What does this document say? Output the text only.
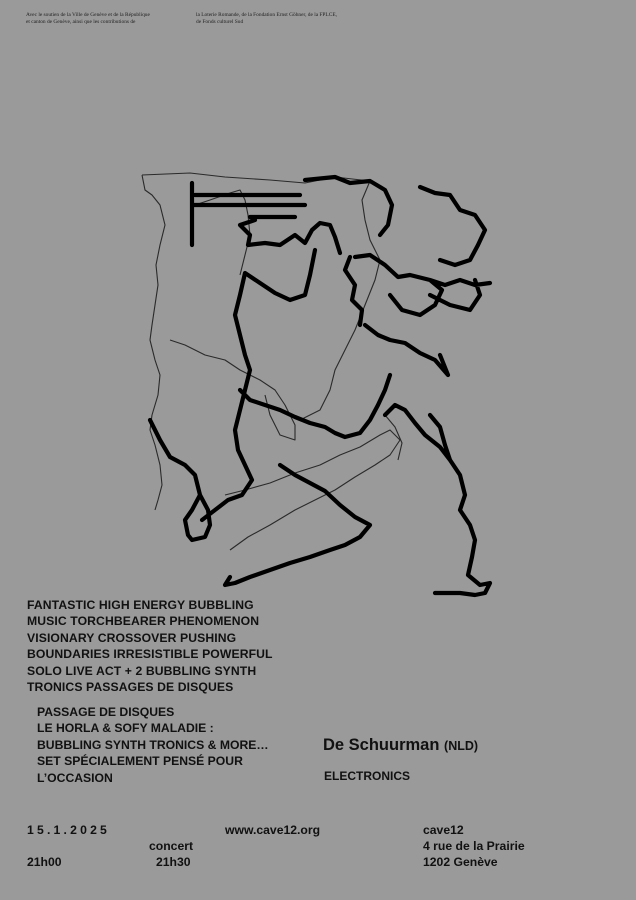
Avec le soutien de la Ville de Genève et de la République
et canton de Genève, ainsi que les contributions de
la Loterie Romande, de la Fondation Ernst Göhner, de la FPLCE,
de Fonds culturel Sud
FANTASTIC HIGH ENERGY BUBBLING
MUSIC TORCHBEARER PHENOMENON
VISIONARY CROSSOVER PUSHING
BOUNDARIES IRRESISTIBLE POWERFUL
SOLO LIVE ACT + 2 BUBBLING SYNTH
TRONICS PASSAGES DE DISQUES
PASSAGE DE DISQUES
LE HORLA & SOFY MALADIE :
BUBBLING SYNTH TRONICS & MORE…
SET SPÉCIALEMENT PENSÉ POUR
L’OCCASION
De Schuurman (NLD)
ELECTRONICS
15.1.2025
21h00
concert
21h30
www.cave12.org	cave12
4 rue de la Prairie
1202 Genève
